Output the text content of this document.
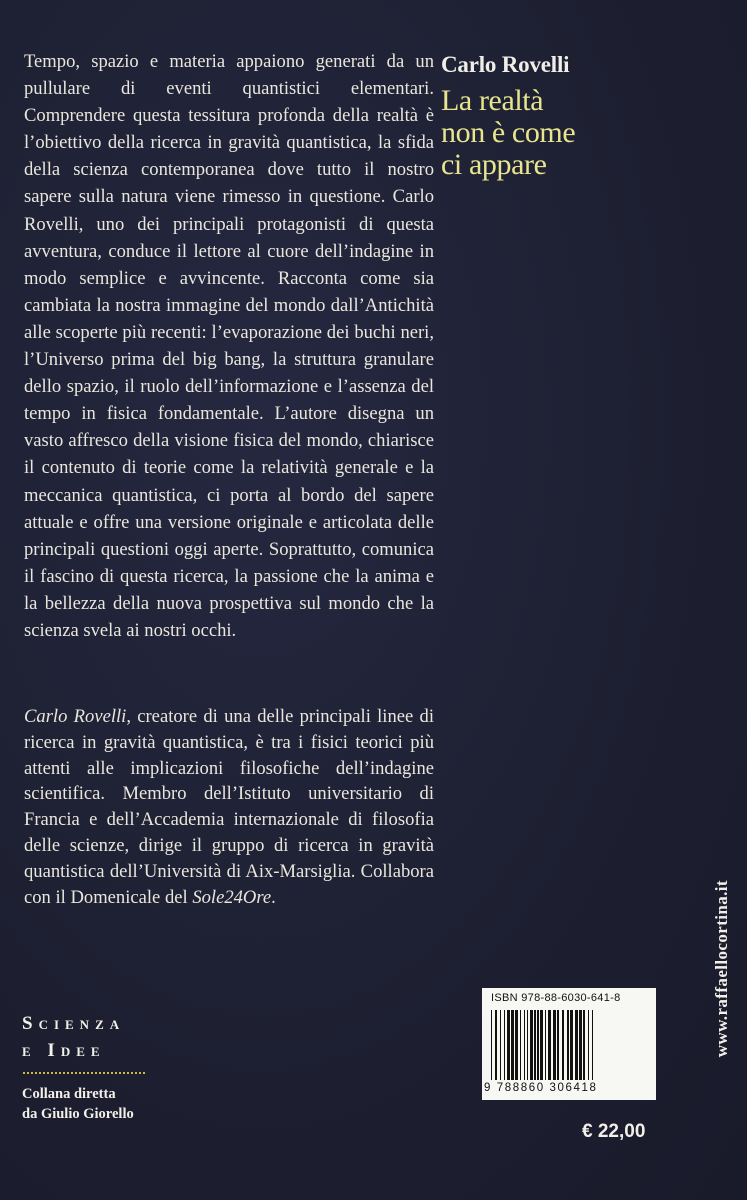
Tempo, spazio e materia appaiono generati da un pullulare di eventi quantistici elementari. Comprendere questa tessitura profonda della realtà è l’obiettivo della ricerca in gravità quantistica, la sfida della scienza contemporanea dove tutto il nostro sapere sulla natura viene rimesso in questione. Carlo Rovelli, uno dei principali protagonisti di questa avventura, conduce il lettore al cuore dell’indagine in modo semplice e avvincente. Racconta come sia cambiata la nostra immagine del mondo dall’Antichità alle scoperte più recenti: l’evaporazione dei buchi neri, l’Universo prima del big bang, la struttura granulare dello spazio, il ruolo dell’informazione e l’assenza del tempo in fisica fondamentale. L’autore disegna un vasto affresco della visione fisica del mondo, chiarisce il contenuto di teorie come la relatività generale e la meccanica quantistica, ci porta al bordo del sapere attuale e offre una versione originale e articolata delle principali questioni oggi aperte. Soprattutto, comunica il fascino di questa ricerca, la passione che la anima e la bellezza della nuova prospettiva sul mondo che la scienza svela ai nostri occhi.

Carlo Rovelli, creatore di una delle principali linee di ricerca in gravità quantistica, è tra i fisici teorici più attenti alle implicazioni filosofiche dell’indagine scientifica. Membro dell’Istituto universitario di Francia e dell’Accademia internazionale di filosofia delle scienze, dirige il gruppo di ricerca in gravità quantistica dell’Università di Aix-Marsiglia. Collabora con il Domenicale del Sole24Ore.

Carlo Rovelli
La realtà
non è come
ci appare
Scienza
e Idee
Collana diretta
da Giulio Giorello
ISBN 978-88-6030-641-8
9 788860 306418
€ 22,00
www.raffaellocortina.it
